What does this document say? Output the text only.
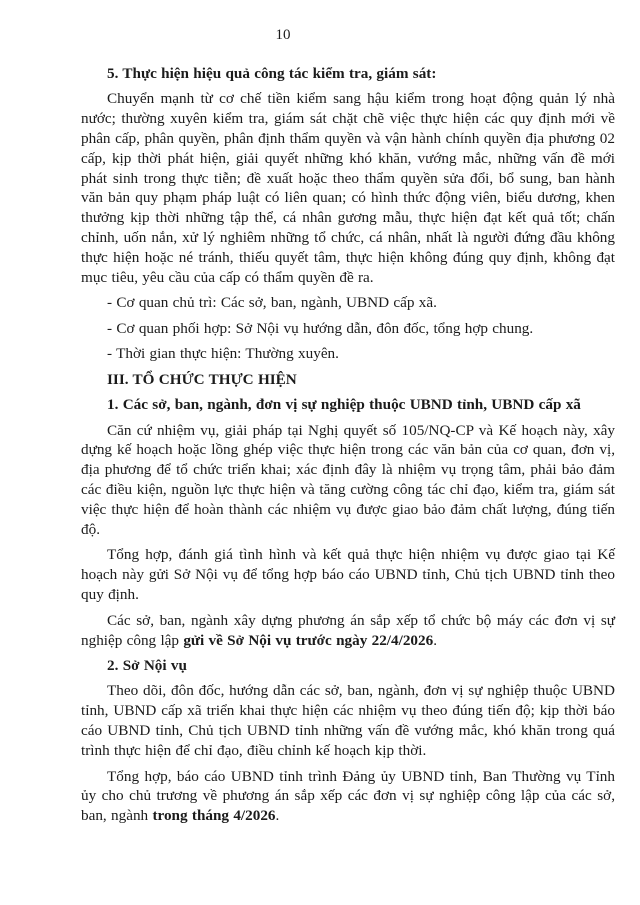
10

5. Thực hiện hiệu quả công tác kiểm tra, giám sát:

Chuyển mạnh từ cơ chế tiền kiểm sang hậu kiểm trong hoạt động quản lý nhà nước; thường xuyên kiểm tra, giám sát chặt chẽ việc thực hiện các quy định mới về phân cấp, phân quyền, phân định thẩm quyền và vận hành chính quyền địa phương 02 cấp, kịp thời phát hiện, giải quyết những khó khăn, vướng mắc, những vấn đề mới phát sinh trong thực tiễn; đề xuất hoặc theo thẩm quyền sửa đổi, bổ sung, ban hành văn bản quy phạm pháp luật có liên quan; có hình thức động viên, biểu dương, khen thưởng kịp thời những tập thể, cá nhân gương mẫu, thực hiện đạt kết quả tốt; chấn chỉnh, uốn nắn, xử lý nghiêm những tổ chức, cá nhân, nhất là người đứng đầu không thực hiện hoặc né tránh, thiếu quyết tâm, thực hiện không đúng quy định, không đạt mục tiêu, yêu cầu của cấp có thẩm quyền đề ra.

- Cơ quan chủ trì: Các sở, ban, ngành, UBND cấp xã.

- Cơ quan phối hợp: Sở Nội vụ hướng dẫn, đôn đốc, tổng hợp chung.

- Thời gian thực hiện: Thường xuyên.

III. TỔ CHỨC THỰC HIỆN

1. Các sở, ban, ngành, đơn vị sự nghiệp thuộc UBND tỉnh, UBND cấp xã

Căn cứ nhiệm vụ, giải pháp tại Nghị quyết số 105/NQ-CP và Kế hoạch này, xây dựng kế hoạch hoặc lồng ghép việc thực hiện trong các văn bản của cơ quan, đơn vị, địa phương để tổ chức triển khai; xác định đây là nhiệm vụ trọng tâm, phải bảo đảm các điều kiện, nguồn lực thực hiện và tăng cường công tác chỉ đạo, kiểm tra, giám sát việc thực hiện để hoàn thành các nhiệm vụ được giao bảo đảm chất lượng, đúng tiến độ.

Tổng hợp, đánh giá tình hình và kết quả thực hiện nhiệm vụ được giao tại Kế hoạch này gửi Sở Nội vụ để tổng hợp báo cáo UBND tỉnh, Chủ tịch UBND tỉnh theo quy định.

Các sở, ban, ngành xây dựng phương án sắp xếp tổ chức bộ máy các đơn vị sự nghiệp công lập gửi về Sở Nội vụ trước ngày 22/4/2026.

2. Sở Nội vụ

Theo dõi, đôn đốc, hướng dẫn các sở, ban, ngành, đơn vị sự nghiệp thuộc UBND tỉnh, UBND cấp xã triển khai thực hiện các nhiệm vụ theo đúng tiến độ; kịp thời báo cáo UBND tỉnh, Chủ tịch UBND tỉnh những vấn đề vướng mắc, khó khăn trong quá trình thực hiện để chỉ đạo, điều chỉnh kế hoạch kịp thời.

Tổng hợp, báo cáo UBND tỉnh trình Đảng ủy UBND tỉnh, Ban Thường vụ Tỉnh ủy cho chủ trương về phương án sắp xếp các đơn vị sự nghiệp công lập của các sở, ban, ngành trong tháng 4/2026.
